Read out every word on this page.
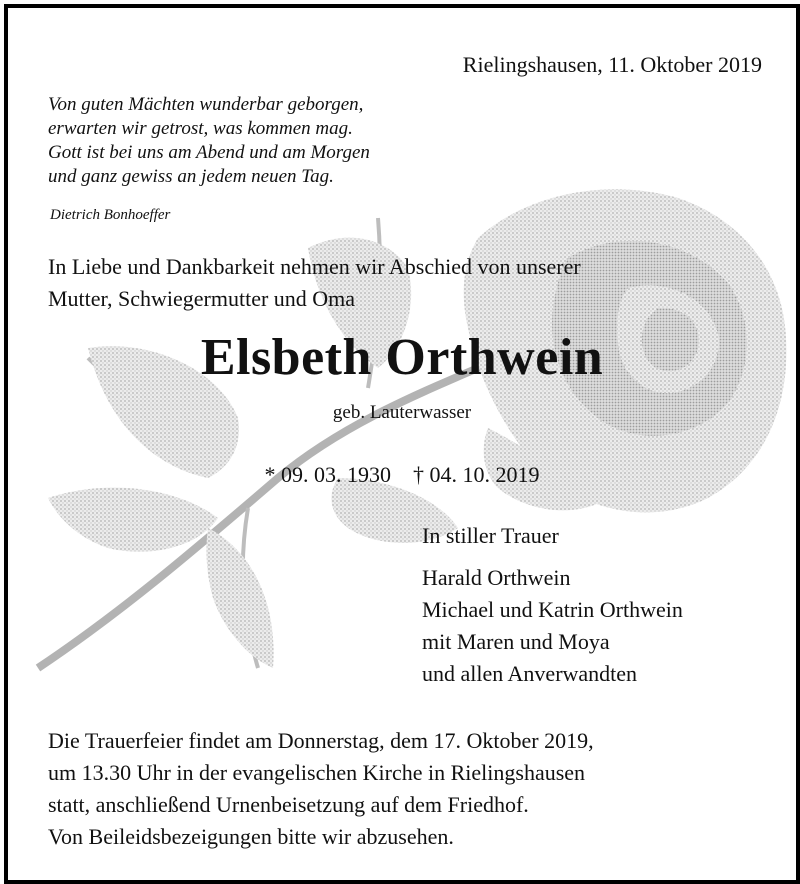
Rielingshausen, 11. Oktober 2019
Von guten Mächten wunderbar geborgen,
erwarten wir getrost, was kommen mag.
Gott ist bei uns am Abend und am Morgen
und ganz gewiss an jedem neuen Tag.
Dietrich Bonhoeffer
In Liebe und Dankbarkeit nehmen wir Abschied von unserer
Mutter, Schwiegermutter und Oma
Elsbeth Orthwein
geb. Lauterwasser
* 09. 03. 1930 † 04. 10. 2019
In stiller Trauer
Harald Orthwein
Michael und Katrin Orthwein
mit Maren und Moya
und allen Anverwandten
Die Trauerfeier findet am Donnerstag, dem 17. Oktober 2019,
um 13.30 Uhr in der evangelischen Kirche in Rielingshausen
statt, anschließend Urnenbeisetzung auf dem Friedhof.
Von Beileidsbezeigungen bitte wir abzusehen.
